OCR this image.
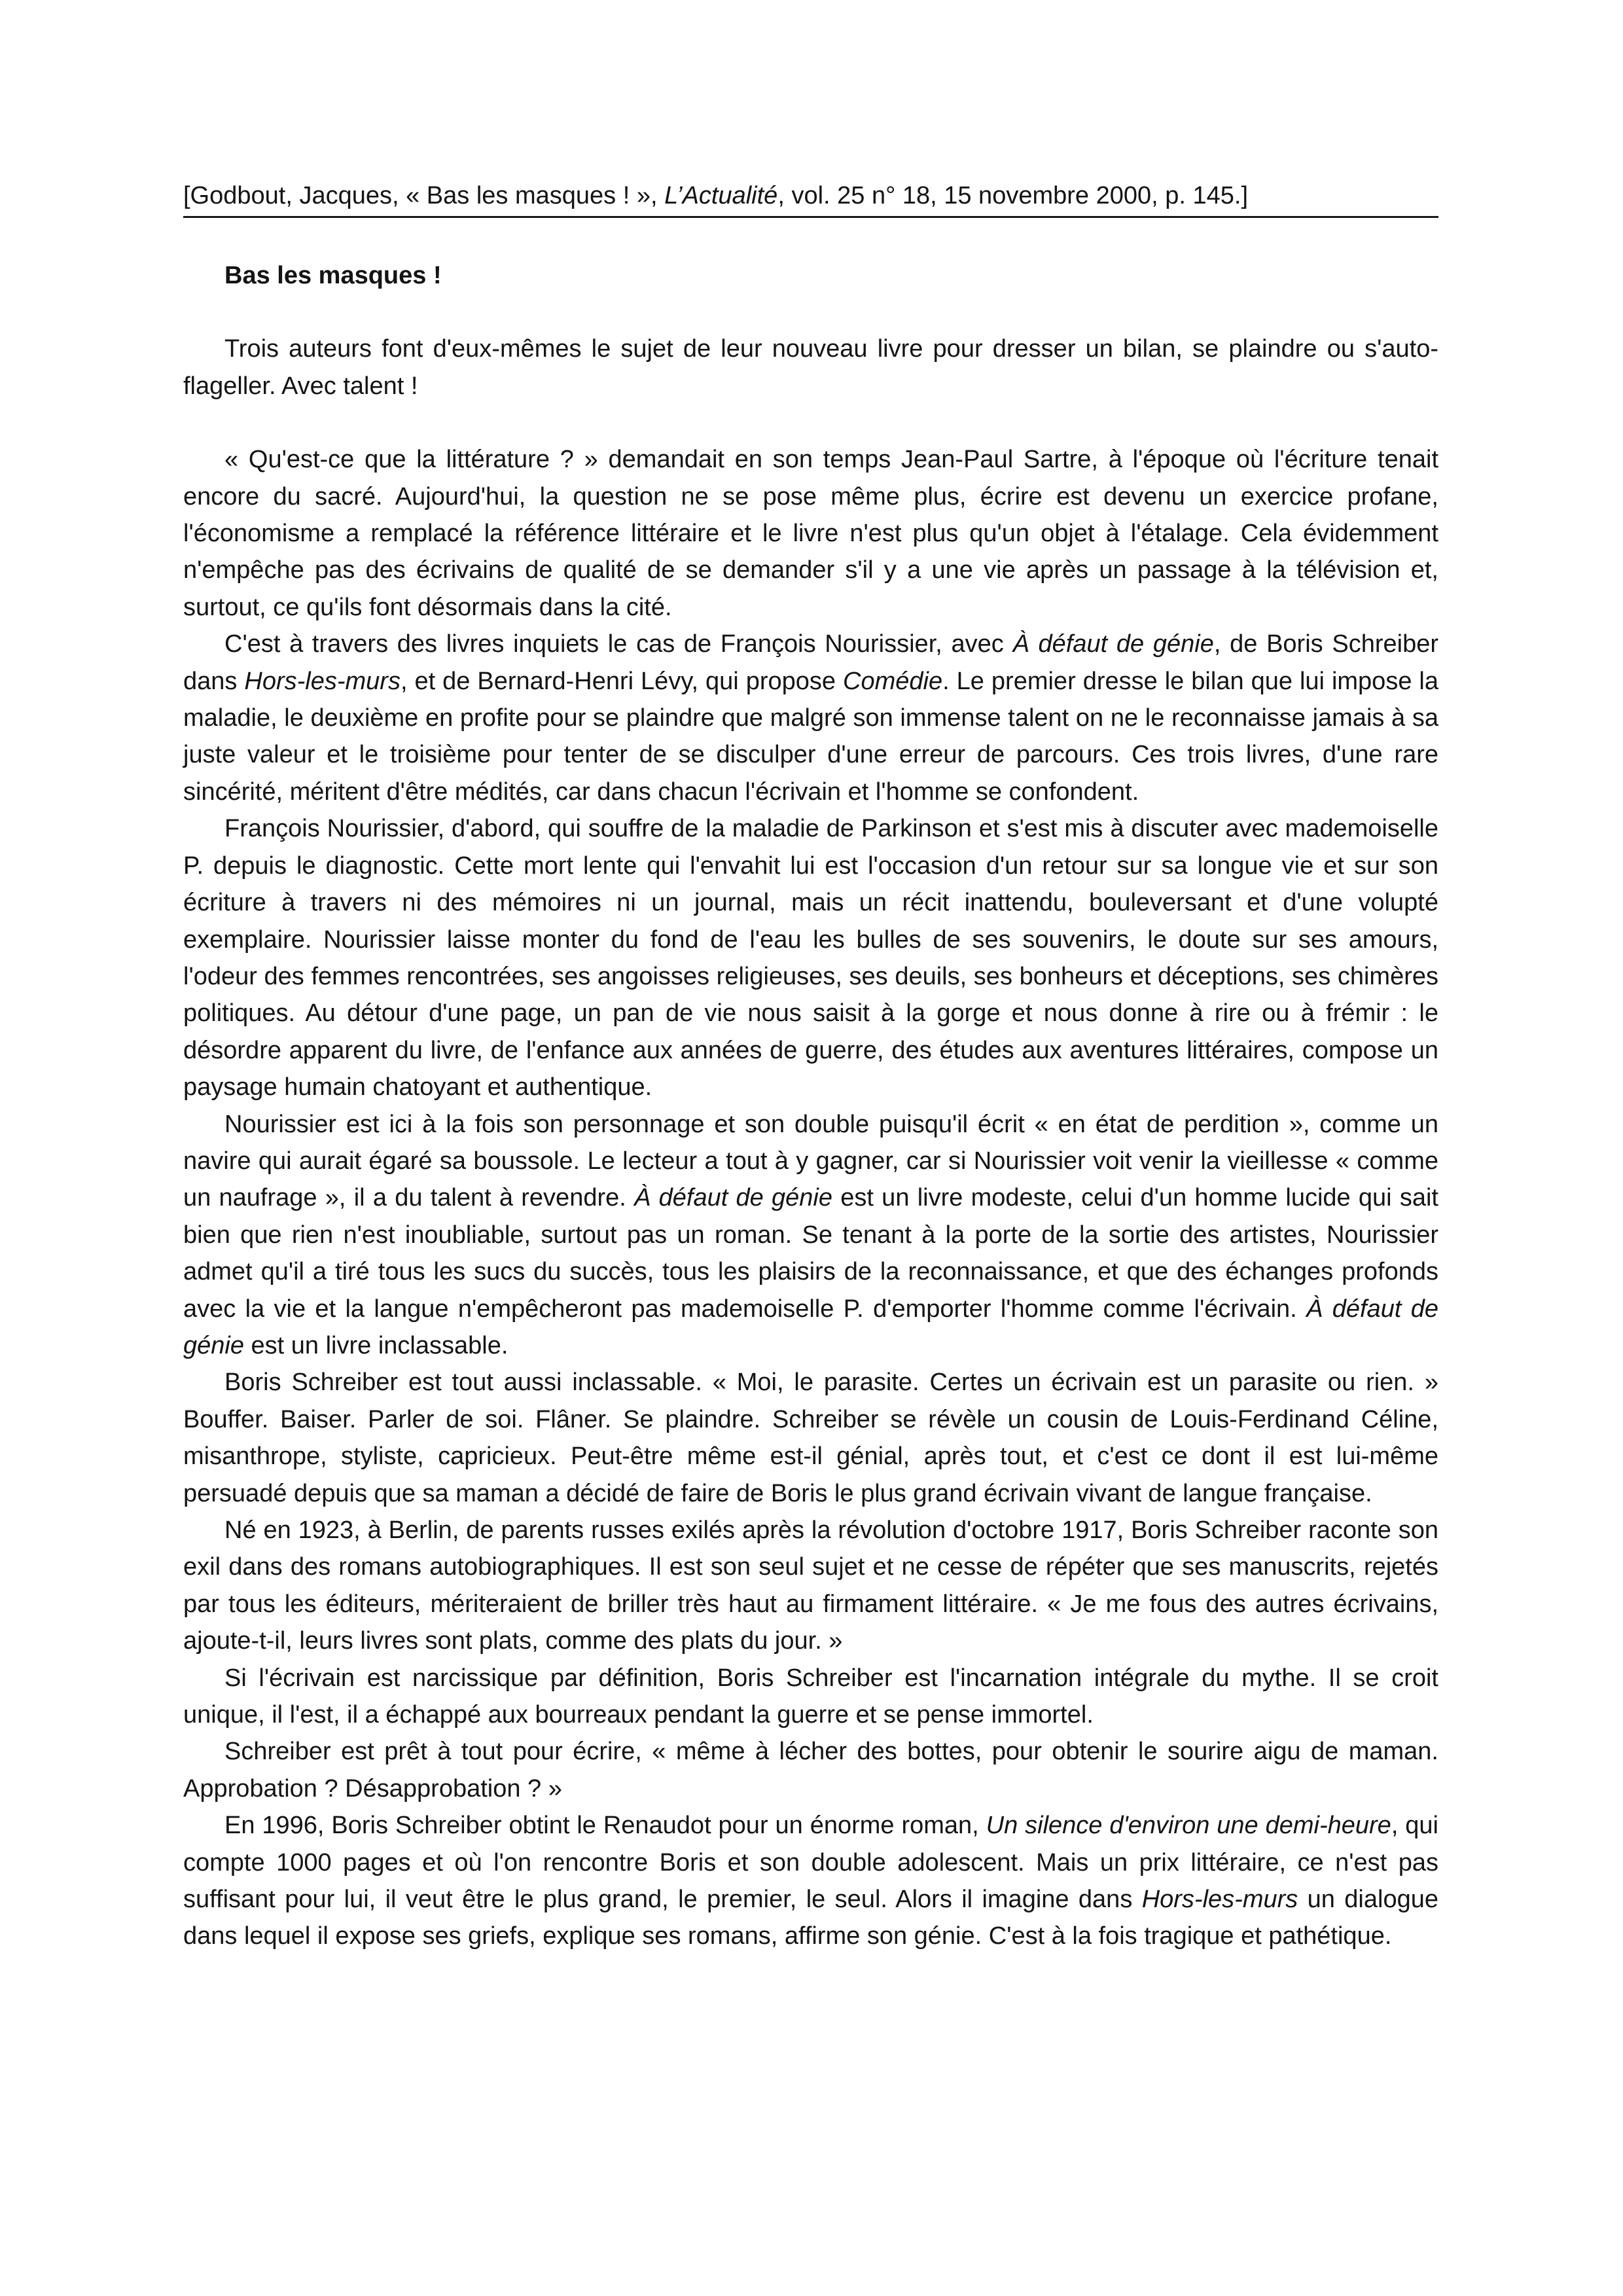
[Godbout, Jacques, « Bas les masques ! », L’Actualité, vol. 25 n° 18, 15 novembre 2000, p. 145.]

Bas les masques !

Trois auteurs font d'eux-mêmes le sujet de leur nouveau livre pour dresser un bilan, se plaindre ou s'auto-flageller. Avec talent !

« Qu'est-ce que la littérature ? » demandait en son temps Jean-Paul Sartre, à l'époque où l'écriture tenait encore du sacré. Aujourd'hui, la question ne se pose même plus, écrire est devenu un exercice profane, l'économisme a remplacé la référence littéraire et le livre n'est plus qu'un objet à l'étalage. Cela évidemment n'empêche pas des écrivains de qualité de se demander s'il y a une vie après un passage à la télévision et, surtout, ce qu'ils font désormais dans la cité.

C'est à travers des livres inquiets le cas de François Nourissier, avec À défaut de génie, de Boris Schreiber dans Hors-les-murs, et de Bernard-Henri Lévy, qui propose Comédie. Le premier dresse le bilan que lui impose la maladie, le deuxième en profite pour se plaindre que malgré son immense talent on ne le reconnaisse jamais à sa juste valeur et le troisième pour tenter de se disculper d'une erreur de parcours. Ces trois livres, d'une rare sincérité, méritent d'être médités, car dans chacun l'écrivain et l'homme se confondent.

François Nourissier, d'abord, qui souffre de la maladie de Parkinson et s'est mis à discuter avec mademoiselle P. depuis le diagnostic. Cette mort lente qui l'envahit lui est l'occasion d'un retour sur sa longue vie et sur son écriture à travers ni des mémoires ni un journal, mais un récit inattendu, bouleversant et d'une volupté exemplaire. Nourissier laisse monter du fond de l'eau les bulles de ses souvenirs, le doute sur ses amours, l'odeur des femmes rencontrées, ses angoisses religieuses, ses deuils, ses bonheurs et déceptions, ses chimères politiques. Au détour d'une page, un pan de vie nous saisit à la gorge et nous donne à rire ou à frémir : le désordre apparent du livre, de l'enfance aux années de guerre, des études aux aventures littéraires, compose un paysage humain chatoyant et authentique.

Nourissier est ici à la fois son personnage et son double puisqu'il écrit « en état de perdition », comme un navire qui aurait égaré sa boussole. Le lecteur a tout à y gagner, car si Nourissier voit venir la vieillesse « comme un naufrage », il a du talent à revendre. À défaut de génie est un livre modeste, celui d'un homme lucide qui sait bien que rien n'est inoubliable, surtout pas un roman. Se tenant à la porte de la sortie des artistes, Nourissier admet qu'il a tiré tous les sucs du succès, tous les plaisirs de la reconnaissance, et que des échanges profonds avec la vie et la langue n'empêcheront pas mademoiselle P. d'emporter l'homme comme l'écrivain. À défaut de génie est un livre inclassable.

Boris Schreiber est tout aussi inclassable. « Moi, le parasite. Certes un écrivain est un parasite ou rien. » Bouffer. Baiser. Parler de soi. Flâner. Se plaindre. Schreiber se révèle un cousin de Louis-Ferdinand Céline, misanthrope, styliste, capricieux. Peut-être même est-il génial, après tout, et c'est ce dont il est lui-même persuadé depuis que sa maman a décidé de faire de Boris le plus grand écrivain vivant de langue française.

Né en 1923, à Berlin, de parents russes exilés après la révolution d'octobre 1917, Boris Schreiber raconte son exil dans des romans autobiographiques. Il est son seul sujet et ne cesse de répéter que ses manuscrits, rejetés par tous les éditeurs, mériteraient de briller très haut au firmament littéraire. « Je me fous des autres écrivains, ajoute-t-il, leurs livres sont plats, comme des plats du jour. »

Si l'écrivain est narcissique par définition, Boris Schreiber est l'incarnation intégrale du mythe. Il se croit unique, il l'est, il a échappé aux bourreaux pendant la guerre et se pense immortel.

Schreiber est prêt à tout pour écrire, « même à lécher des bottes, pour obtenir le sourire aigu de maman. Approbation ? Désapprobation ? »

En 1996, Boris Schreiber obtint le Renaudot pour un énorme roman, Un silence d'environ une demi-heure, qui compte 1000 pages et où l'on rencontre Boris et son double adolescent. Mais un prix littéraire, ce n'est pas suffisant pour lui, il veut être le plus grand, le premier, le seul. Alors il imagine dans Hors-les-murs un dialogue dans lequel il expose ses griefs, explique ses romans, affirme son génie. C'est à la fois tragique et pathétique.
